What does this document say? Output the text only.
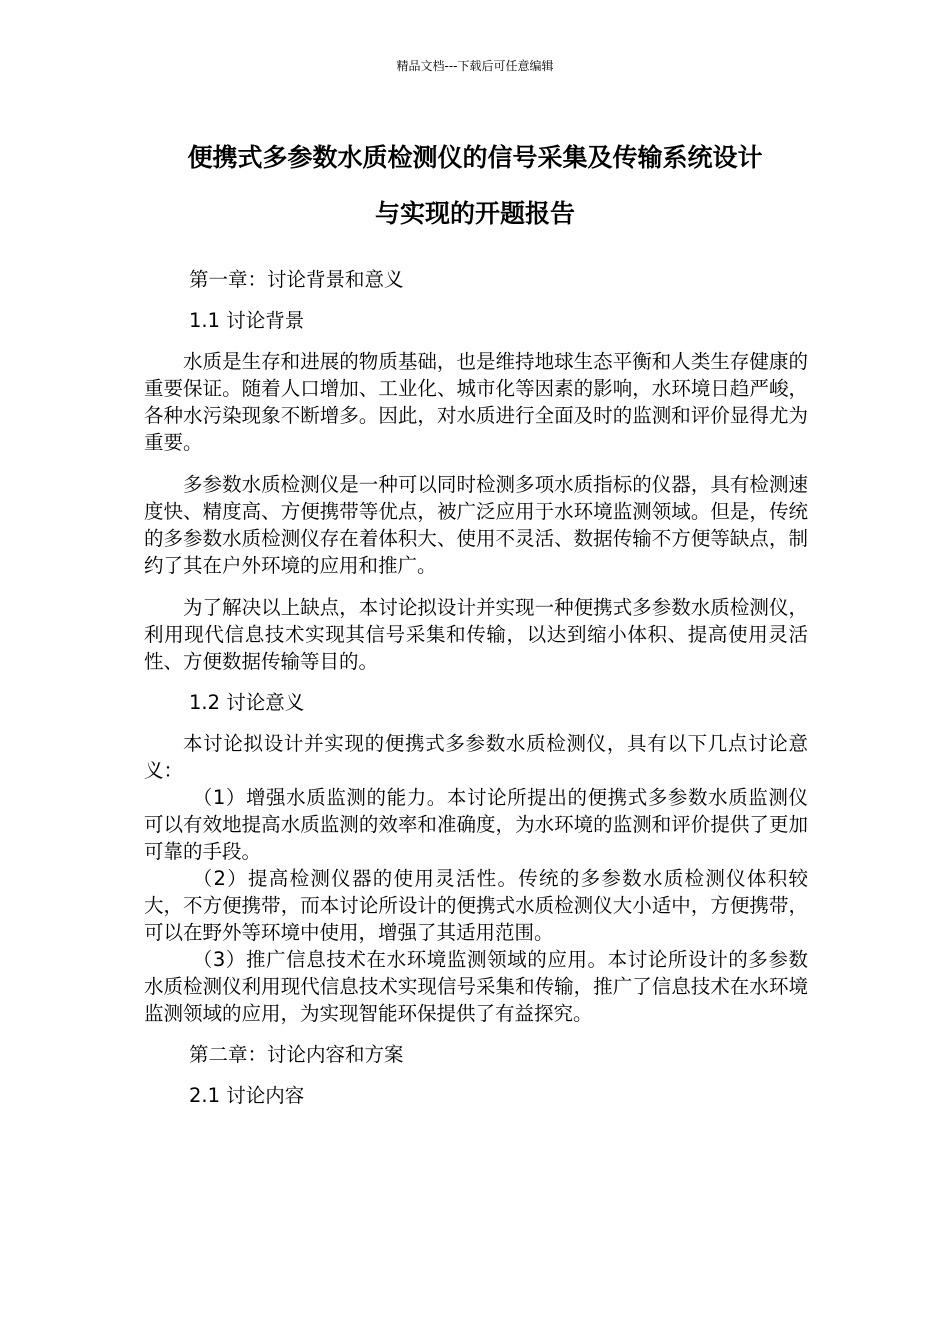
精品文档---下载后可任意编辑
便携式多参数水质检测仪的信号采集及传输系统设计
与实现的开题报告

第一章：讨论背景和意义

1.1 讨论背景

水质是生存和进展的物质基础，也是维持地球生态平衡和人类生存健康的重要保证。随着人口增加、工业化、城市化等因素的影响，水环境日趋严峻，各种水污染现象不断增多。因此，对水质进行全面及时的监测和评价显得尤为重要。

多参数水质检测仪是一种可以同时检测多项水质指标的仪器，具有检测速度快、精度高、方便携带等优点，被广泛应用于水环境监测领域。但是，传统的多参数水质检测仪存在着体积大、使用不灵活、数据传输不方便等缺点，制约了其在户外环境的应用和推广。

为了解决以上缺点，本讨论拟设计并实现一种便携式多参数水质检测仪，利用现代信息技术实现其信号采集和传输，以达到缩小体积、提高使用灵活性、方便数据传输等目的。

1.2 讨论意义

本讨论拟设计并实现的便携式多参数水质检测仪，具有以下几点讨论意义：

（1）增强水质监测的能力。本讨论所提出的便携式多参数水质监测仪可以有效地提高水质监测的效率和准确度，为水环境的监测和评价提供了更加可靠的手段。

（2）提高检测仪器的使用灵活性。传统的多参数水质检测仪体积较大，不方便携带，而本讨论所设计的便携式水质检测仪大小适中，方便携带，可以在野外等环境中使用，增强了其适用范围。

（3）推广信息技术在水环境监测领域的应用。本讨论所设计的多参数水质检测仪利用现代信息技术实现信号采集和传输，推广了信息技术在水环境监测领域的应用，为实现智能环保提供了有益探究。

第二章：讨论内容和方案

2.1 讨论内容
